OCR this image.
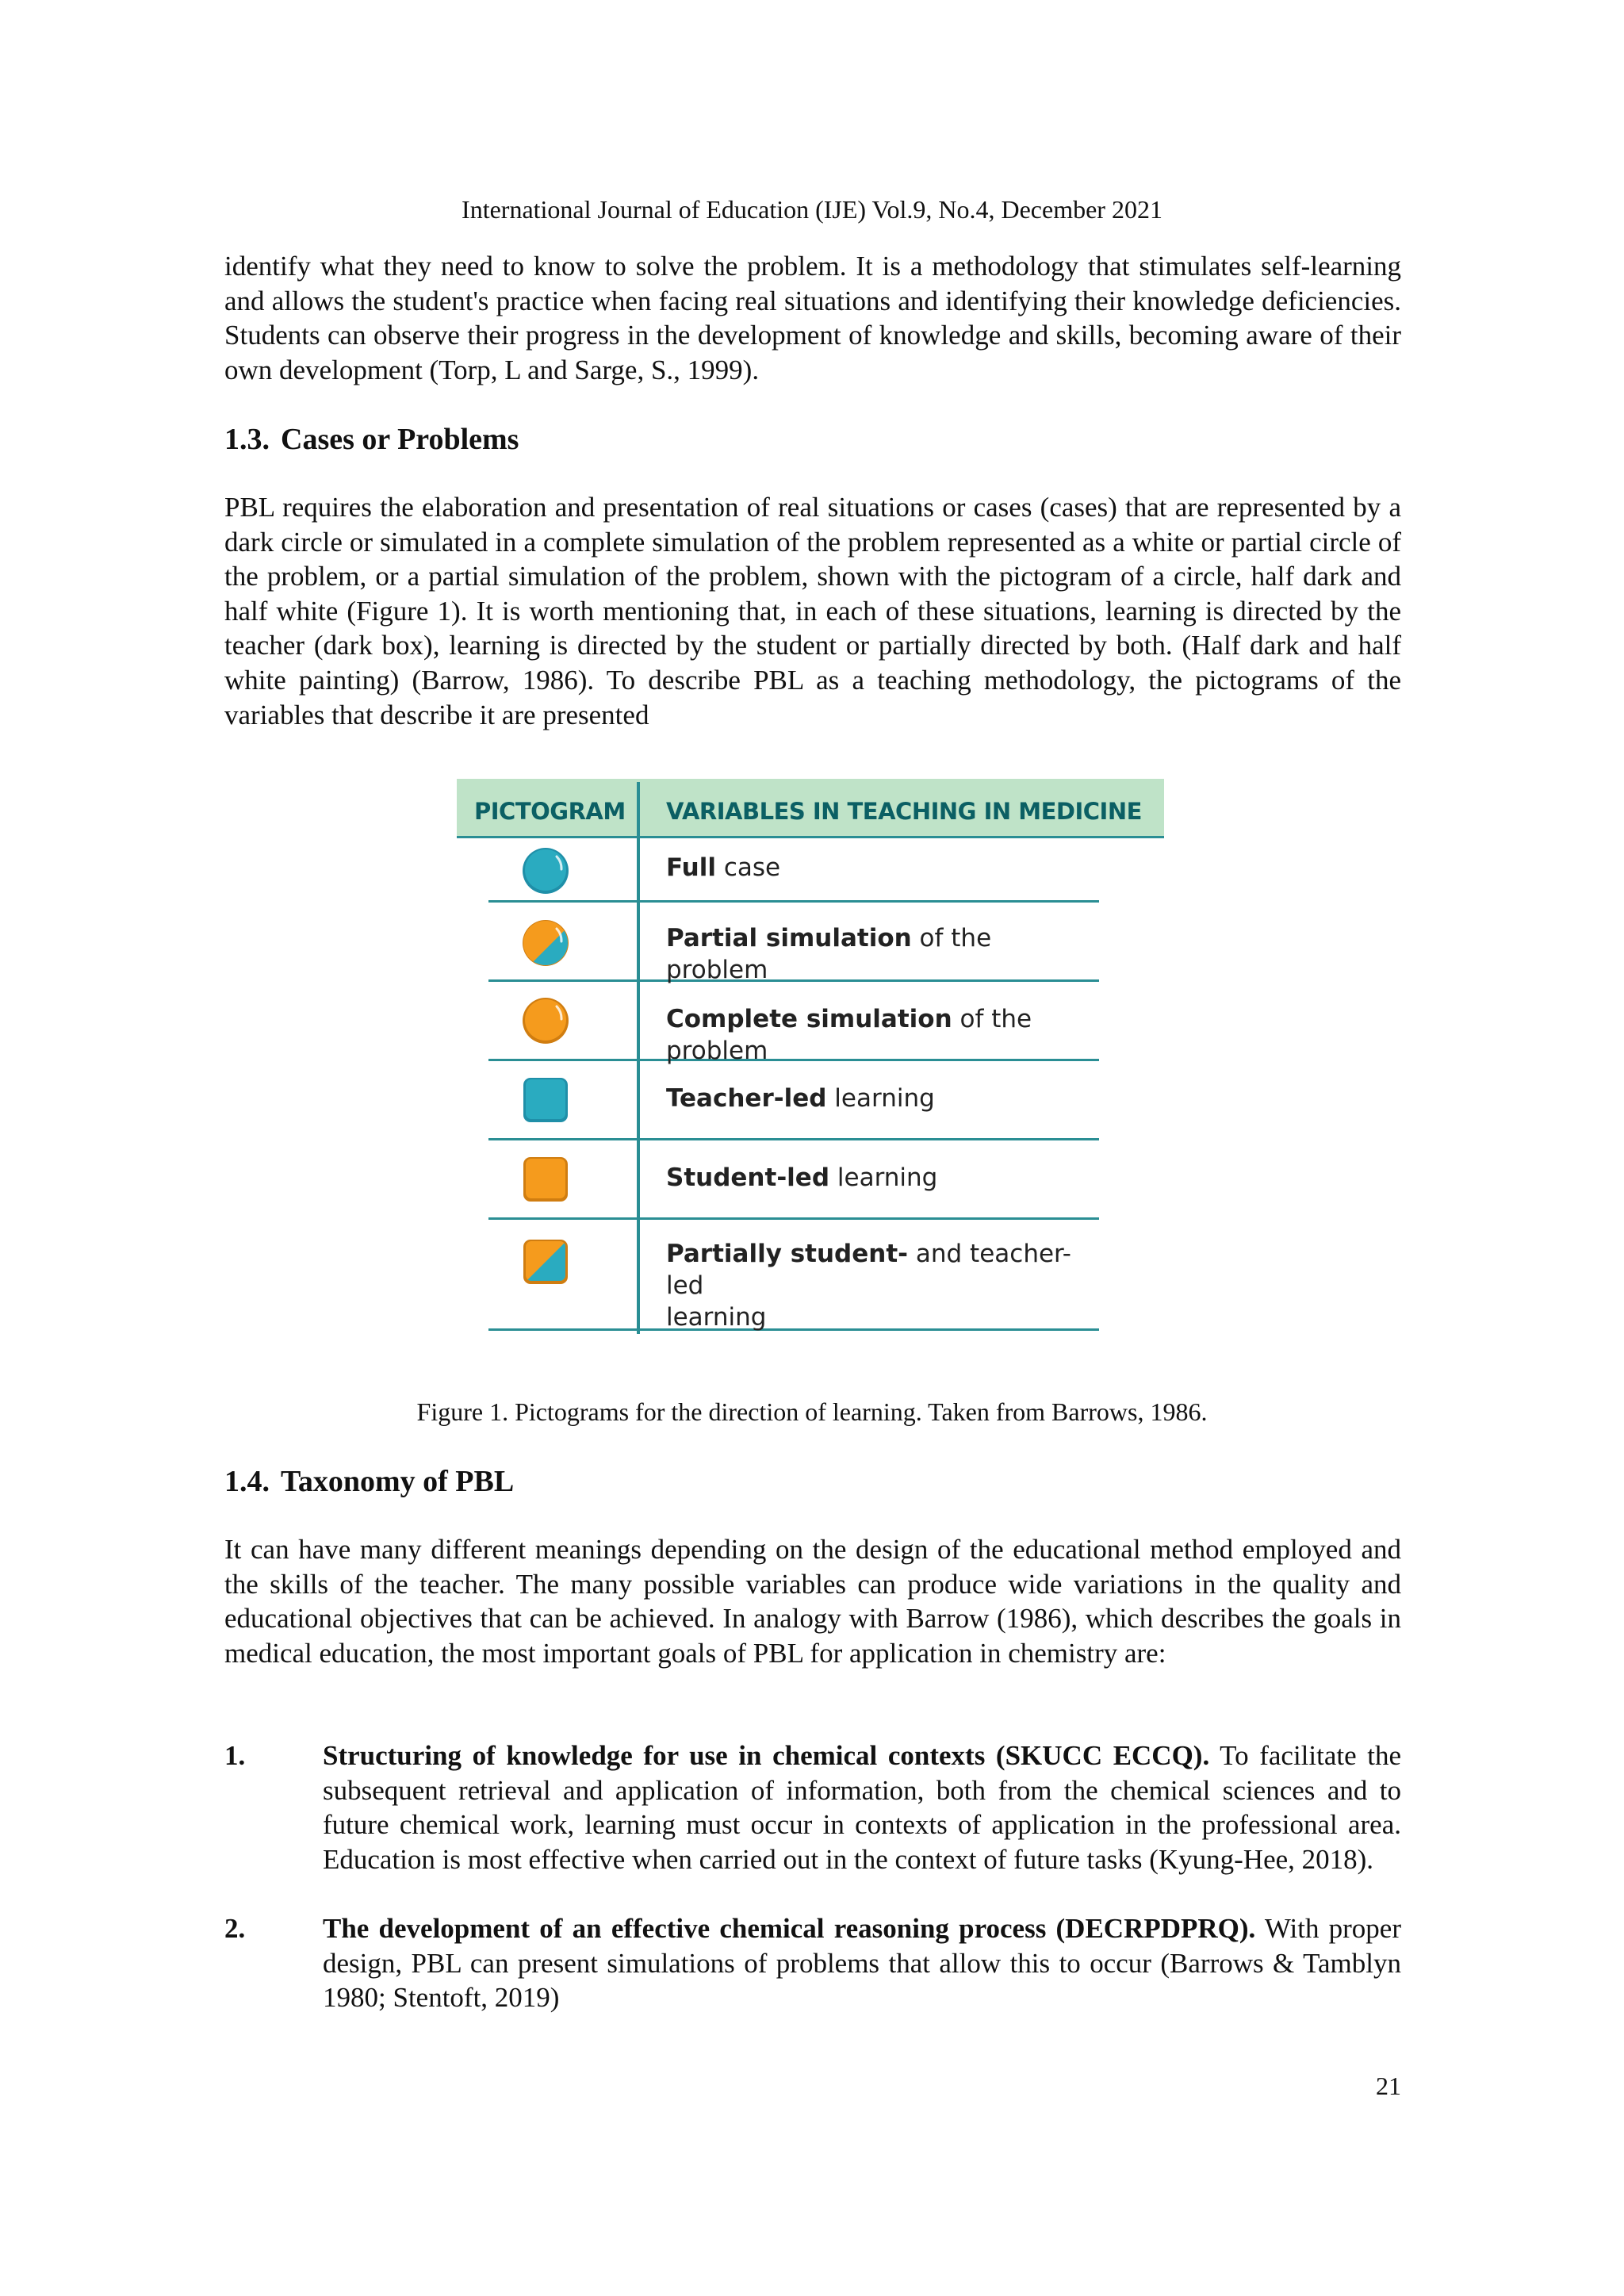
International Journal of Education (IJE) Vol.9, No.4, December 2021

identify what they need to know to solve the problem. It is a methodology that stimulates self-learning and allows the student's practice when facing real situations and identifying their knowledge deficiencies. Students can observe their progress in the development of knowledge and skills, becoming aware of their own development (Torp, L and Sarge, S., 1999).

1.3. Cases or Problems

PBL requires the elaboration and presentation of real situations or cases (cases) that are represented by a dark circle or simulated in a complete simulation of the problem represented as a white or partial circle of the problem, or a partial simulation of the problem, shown with the pictogram of a circle, half dark and half white (Figure 1). It is worth mentioning that, in each of these situations, learning is directed by the teacher (dark box), learning is directed by the student or partially directed by both. (Half dark and half white painting) (Barrow, 1986). To describe PBL as a teaching methodology, the pictograms of the variables that describe it are presented

PICTOGRAM VARIABLES IN TEACHING IN MEDICINE
Full case
Partial simulation of the problem
Complete simulation of the problem
Teacher-led learning
Student-led learning
Partially student- and teacher-led
learning
Figure 1. Pictograms for the direction of learning. Taken from Barrows, 1986.
1.4. Taxonomy of PBL

It can have many different meanings depending on the design of the educational method employed and the skills of the teacher. The many possible variables can produce wide variations in the quality and educational objectives that can be achieved. In analogy with Barrow (1986), which describes the goals in medical education, the most important goals of PBL for application in chemistry are:

1.	Structuring of knowledge for use in chemical contexts (SKUCC ECCQ). To facilitate the subsequent retrieval and application of information, both from the chemical sciences and to future chemical work, learning must occur in contexts of application in the professional area. Education is most effective when carried out in the context of future tasks (Kyung-Hee, 2018).
2.	The development of an effective chemical reasoning process (DECRPDPRQ). With proper design, PBL can present simulations of problems that allow this to occur (Barrows & Tamblyn 1980; Stentoft, 2019)
21
